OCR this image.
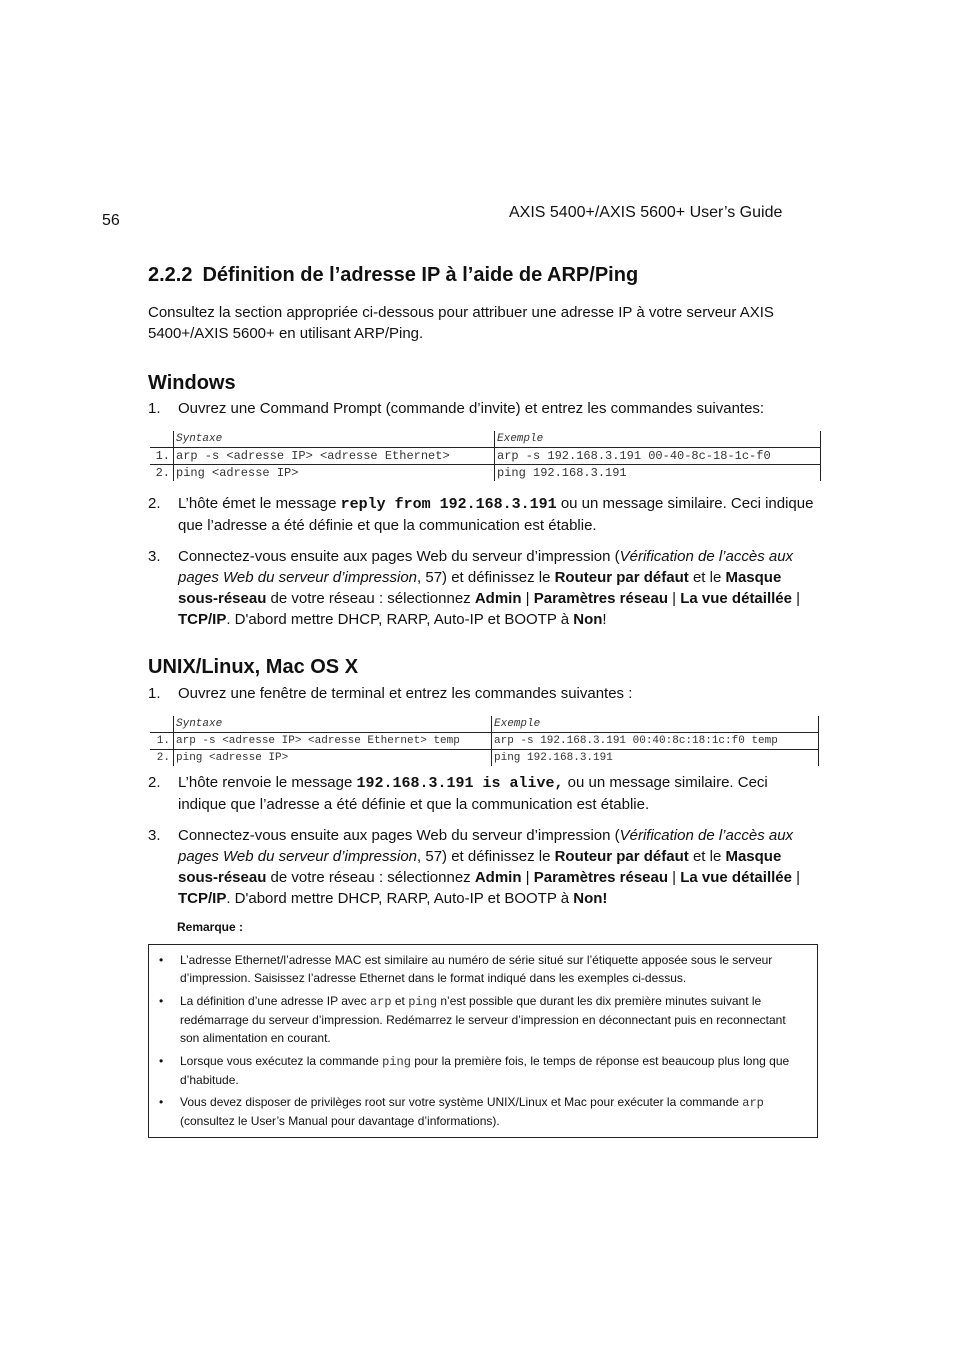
56	AXIS 5400+/AXIS 5600+ User’s Guide
2.2.2 Définition de l’adresse IP à l’aide de ARP/Ping
Consultez la section appropriée ci-dessous pour attribuer une adresse IP à votre serveur AXIS 5400+/AXIS 5600+ en utilisant ARP/Ping.
Windows
1. Ouvrez une Command Prompt (commande d’invite) et entrez les commandes suivantes:
	Syntaxe	Exemple
1.	arp -s <adresse IP> <adresse Ethernet>	arp -s 192.168.3.191 00-40-8c-18-1c-f0
2.	ping <adresse IP>	ping 192.168.3.191
2. L’hôte émet le message reply from 192.168.3.191 ou un message similaire. Ceci indique que l’adresse a été définie et que la communication est établie.
3. Connectez-vous ensuite aux pages Web du serveur d’impression (Vérification de l’accès aux pages Web du serveur d’impression, 57) et définissez le Routeur par défaut et le Masque sous-réseau de votre réseau : sélectionnez Admin | Paramètres réseau | La vue détaillée | TCP/IP. D'abord mettre DHCP, RARP, Auto-IP et BOOTP à Non!
UNIX/Linux, Mac OS X
1. Ouvrez une fenêtre de terminal et entrez les commandes suivantes :
	Syntaxe	Exemple
1.	arp -s <adresse IP> <adresse Ethernet> temp	arp -s 192.168.3.191 00:40:8c:18:1c:f0 temp
2.	ping <adresse IP>	ping 192.168.3.191
2. L’hôte renvoie le message 192.168.3.191 is alive, ou un message similaire. Ceci indique que l’adresse a été définie et que la communication est établie.
3. Connectez-vous ensuite aux pages Web du serveur d’impression (Vérification de l’accès aux pages Web du serveur d’impression, 57) et définissez le Routeur par défaut et le Masque sous-réseau de votre réseau : sélectionnez Admin | Paramètres réseau | La vue détaillée | TCP/IP. D'abord mettre DHCP, RARP, Auto-IP et BOOTP à Non!
Remarque :
• L’adresse Ethernet/l’adresse MAC est similaire au numéro de série situé sur l’étiquette apposée sous le serveur d’impression. Saisissez l’adresse Ethernet dans le format indiqué dans les exemples ci-dessus.
• La définition d’une adresse IP avec arp et ping n’est possible que durant les dix première minutes suivant le redémarrage du serveur d’impression. Redémarrez le serveur d’impression en déconnectant puis en reconnectant son alimentation en courant.
• Lorsque vous exécutez la commande ping pour la première fois, le temps de réponse est beaucoup plus long que d’habitude.
• Vous devez disposer de privilèges root sur votre système UNIX/Linux et Mac pour exécuter la commande arp (consultez le User’s Manual pour davantage d’informations).
